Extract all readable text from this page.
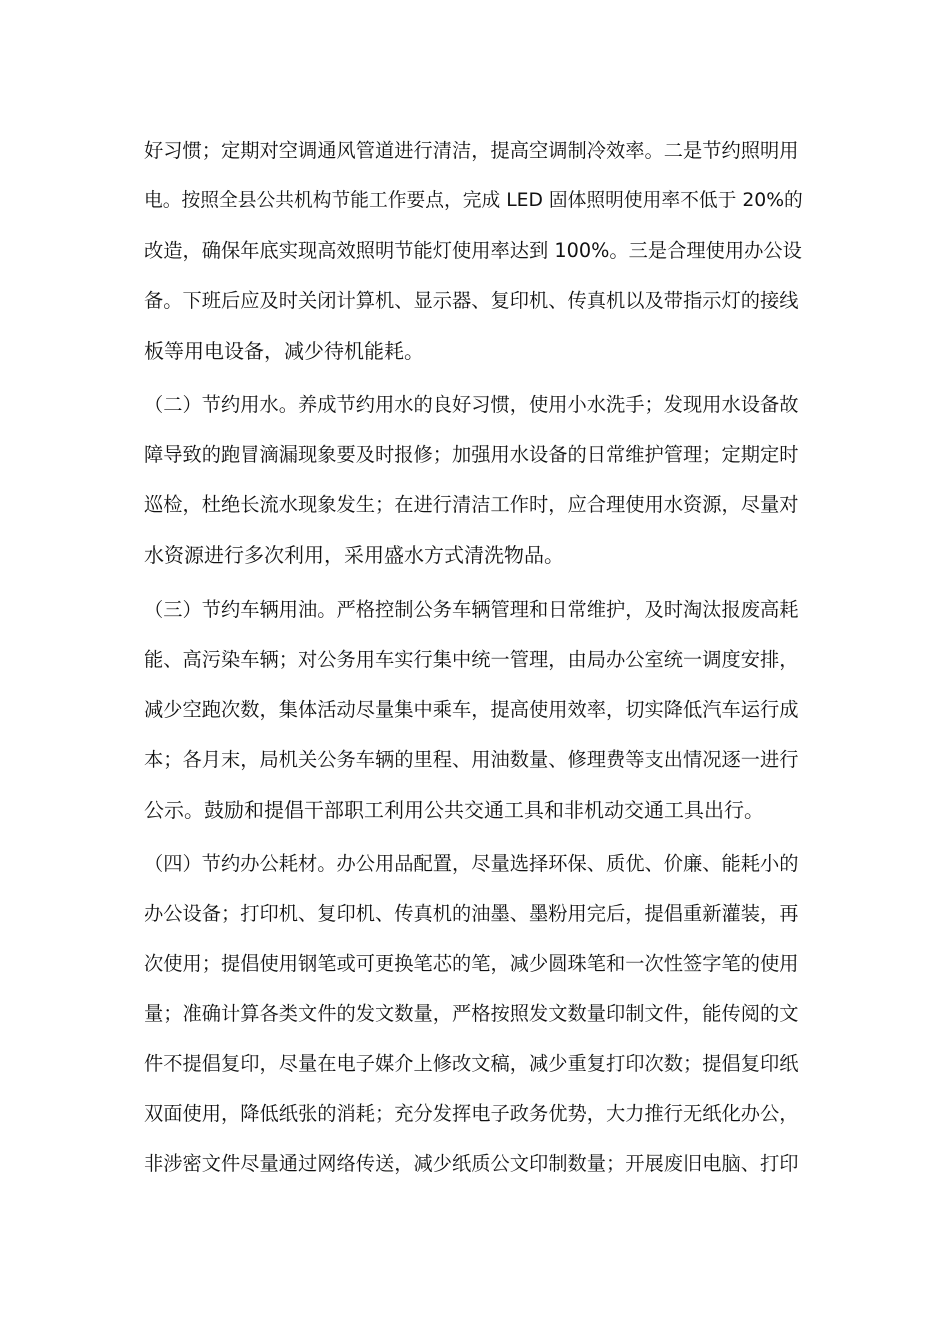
好习惯；定期对空调通风管道进行清洁，提高空调制冷效率。二是节约照明用
电。按照全县公共机构节能工作要点，完成 LED 固体照明使用率不低于 20%的
改造，确保年底实现高效照明节能灯使用率达到 100%。三是合理使用办公设
备。下班后应及时关闭计算机、显示器、复印机、传真机以及带指示灯的接线
板等用电设备，减少待机能耗。
（二）节约用水。养成节约用水的良好习惯，使用小水洗手；发现用水设备故
障导致的跑冒滴漏现象要及时报修；加强用水设备的日常维护管理；定期定时
巡检，杜绝长流水现象发生；在进行清洁工作时，应合理使用水资源，尽量对
水资源进行多次利用，采用盛水方式清洗物品。
（三）节约车辆用油。严格控制公务车辆管理和日常维护，及时淘汰报废高耗
能、高污染车辆；对公务用车实行集中统一管理，由局办公室统一调度安排，
减少空跑次数，集体活动尽量集中乘车，提高使用效率，切实降低汽车运行成
本；各月末，局机关公务车辆的里程、用油数量、修理费等支出情况逐一进行
公示。鼓励和提倡干部职工利用公共交通工具和非机动交通工具出行。
（四）节约办公耗材。办公用品配置，尽量选择环保、质优、价廉、能耗小的
办公设备；打印机、复印机、传真机的油墨、墨粉用完后，提倡重新灌装，再
次使用；提倡使用钢笔或可更换笔芯的笔，减少圆珠笔和一次性签字笔的使用
量；准确计算各类文件的发文数量，严格按照发文数量印制文件，能传阅的文
件不提倡复印，尽量在电子媒介上修改文稿，减少重复打印次数；提倡复印纸
双面使用，降低纸张的消耗；充分发挥电子政务优势，大力推行无纸化办公，
非涉密文件尽量通过网络传送，减少纸质公文印制数量；开展废旧电脑、打印
